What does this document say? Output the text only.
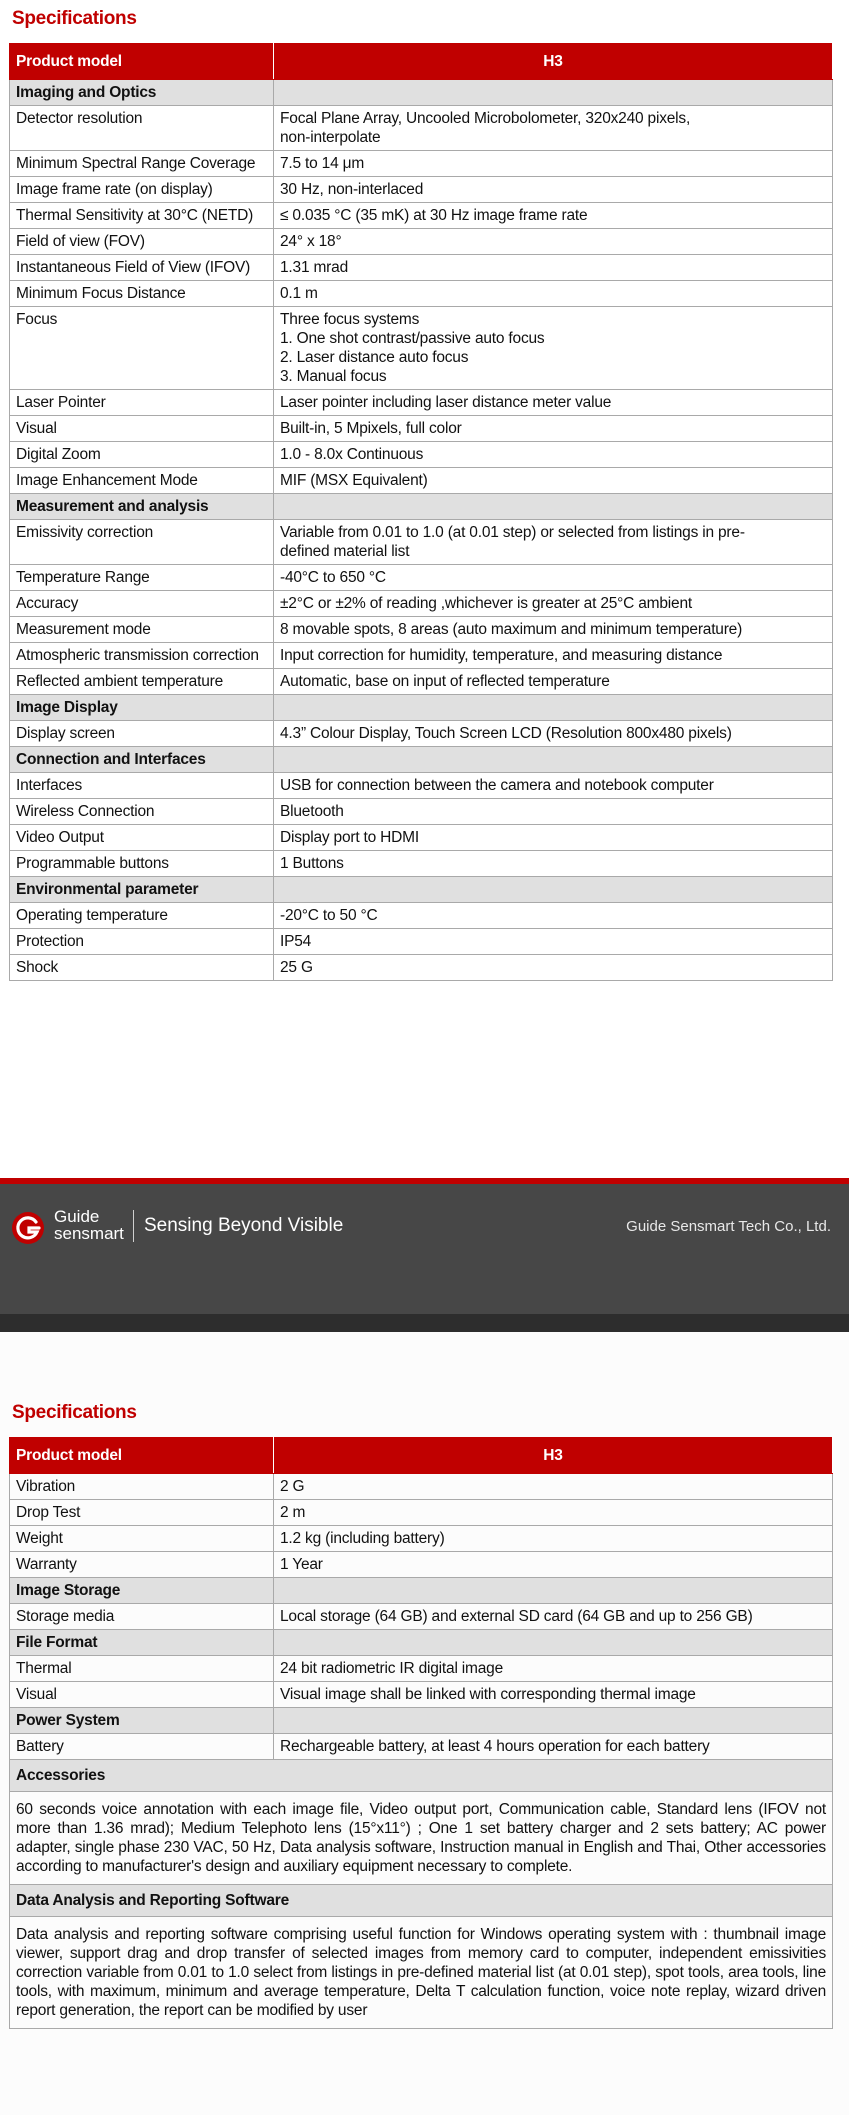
Specifications
Product model	H3
Imaging and Optics	
Detector resolution	Focal Plane Array, Uncooled Microbolometer, 320x240 pixels,
non-interpolate
Minimum Spectral Range Coverage	7.5 to 14 μm
Image frame rate (on display)	30 Hz, non-interlaced
Thermal Sensitivity at 30°C (NETD)	≤ 0.035 °C (35 mK) at 30 Hz image frame rate
Field of view (FOV)	24° x 18°
Instantaneous Field of View (IFOV)	1.31 mrad
Minimum Focus Distance	0.1 m
Focus	Three focus systems
1. One shot contrast/passive auto focus
2. Laser distance auto focus
3. Manual focus
Laser Pointer	Laser pointer including laser distance meter value
Visual	Built-in, 5 Mpixels, full color
Digital Zoom	1.0 - 8.0x Continuous
Image Enhancement Mode	MIF (MSX Equivalent)
Measurement and analysis	
Emissivity correction	Variable from 0.01 to 1.0 (at 0.01 step) or selected from listings in pre-
defined material list
Temperature Range	-40°C to 650 °C
Accuracy	±2°C or ±2% of reading ,whichever is greater at 25°C ambient
Measurement mode	8 movable spots, 8 areas (auto maximum and minimum temperature)
Atmospheric transmission correction	Input correction for humidity, temperature, and measuring distance
Reflected ambient temperature	Automatic, base on input of reflected temperature
Image Display	
Display screen	4.3” Colour Display, Touch Screen LCD (Resolution 800x480 pixels)
Connection and Interfaces	
Interfaces	USB for connection between the camera and notebook computer
Wireless Connection	Bluetooth
Video Output	Display port to HDMI
Programmable buttons	1 Buttons
Environmental parameter	
Operating temperature	-20°C to 50 °C
Protection	IP54
Shock	25 G
Guide
sensmart Sensing Beyond Visible	Guide Sensmart Tech Co., Ltd.
Specifications
Product model	H3
Vibration	2 G
Drop Test	2 m
Weight	1.2 kg (including battery)
Warranty	1 Year
Image Storage	
Storage media	Local storage (64 GB) and external SD card (64 GB and up to 256 GB)
File Format	
Thermal	24 bit radiometric IR digital image
Visual	Visual image shall be linked with corresponding thermal image
Power System	
Battery	Rechargeable battery, at least 4 hours operation for each battery
Accessories	
60 seconds voice annotation with each image file, Video output port, Communication cable, Standard lens (IFOV not more than 1.36 mrad); Medium Telephoto lens (15°x11°) ; One 1 set battery charger and 2 sets battery; AC power adapter, single phase 230 VAC, 50 Hz, Data analysis software, Instruction manual in English and Thai, Other accessories according to manufacturer's design and auxiliary equipment necessary to complete.	
Data Analysis and Reporting Software	
Data analysis and reporting software comprising useful function for Windows operating system with : thumbnail image viewer, support drag and drop transfer of selected images from memory card to computer, independent emissivities correction variable from 0.01 to 1.0 select from listings in pre-defined material list (at 0.01 step), spot tools, area tools, line tools, with maximum, minimum and average temperature, Delta T calculation function, voice note replay, wizard driven report generation, the report can be modified by user	
